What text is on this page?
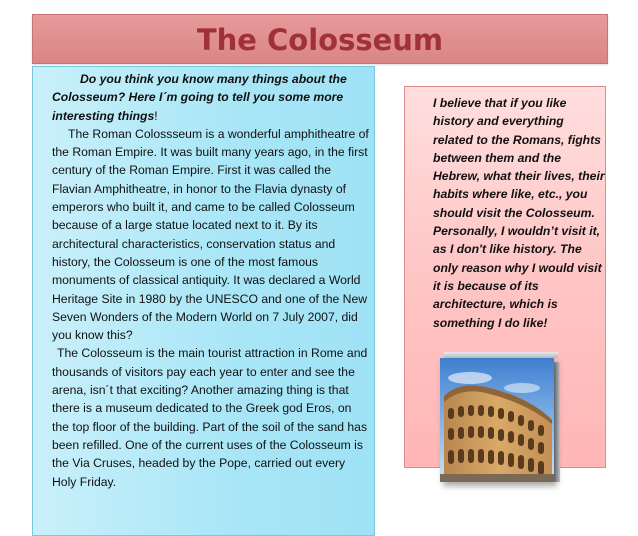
The Colosseum

Do you think you know many things about the Colosseum? Here I´m going to tell you some more interesting things!

The Roman Colossseum is a wonderful amphitheatre of the Roman Empire. It was built many years ago, in the first century of the Roman Empire. First it was called the Flavian Amphitheatre, in honor to the Flavia dynasty of emperors who built it, and came to be called Colosseum because of a large statue located next to it. By its architectural characteristics, conservation status and history, the Colosseum is one of the most famous monuments of classical antiquity. It was declared a World Heritage Site in 1980 by the UNESCO and one of the New Seven Wonders of the Modern World on 7 July 2007, did you know this?

The Colosseum is the main tourist attraction in Rome and thousands of visitors pay each year to enter and see the arena, isn´t that exciting? Another amazing thing is that there is a museum dedicated to the Greek god Eros, on the top floor of the building. Part of the soil of the sand has been refilled. One of the current uses of the Colosseum is the Via Cruses, headed by the Pope, carried out every Holy Friday.

I believe that if you like history and everything related to the Romans, fights between them and the Hebrew, what their lives, their habits where like, etc., you should visit the Colosseum. Personally, I wouldn’t visit it, as I don't like history. The only reason why I would visit it is because of its architecture, which is something I do like!
